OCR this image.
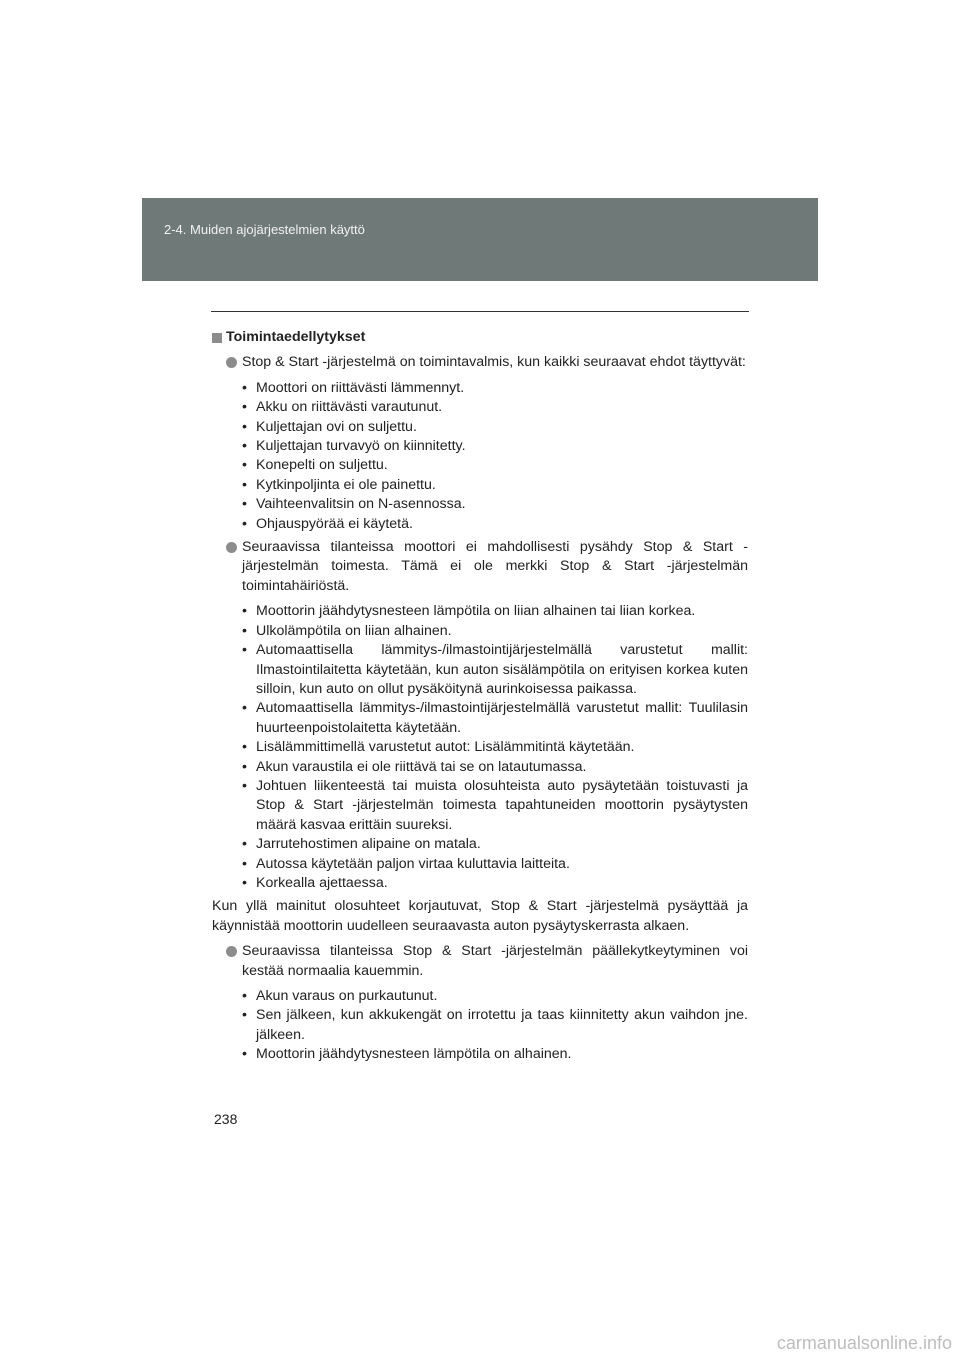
2-4. Muiden ajojärjestelmien käyttö
Toimintaedellytykset
Stop & Start -järjestelmä on toimintavalmis, kun kaikki seuraavat ehdot täyttyvät:
• Moottori on riittävästi lämmennyt.
• Akku on riittävästi varautunut.
• Kuljettajan ovi on suljettu.
• Kuljettajan turvavyö on kiinnitetty.
• Konepelti on suljettu.
• Kytkinpoljinta ei ole painettu.
• Vaihteenvalitsin on N-asennossa.
• Ohjauspyörää ei käytetä.
Seuraavissa tilanteissa moottori ei mahdollisesti pysähdy Stop & Start -järjestelmän toimesta. Tämä ei ole merkki Stop & Start -järjestelmän toimintahäiriöstä.
• Moottorin jäähdytysnesteen lämpötila on liian alhainen tai liian korkea.
• Ulkolämpötila on liian alhainen.
• Automaattisella lämmitys-/ilmastointijärjestelmällä varustetut mallit: Ilmastointilaitetta käytetään, kun auton sisälämpötila on erityisen korkea kuten silloin, kun auto on ollut pysäköitynä aurinkoisessa paikassa.
• Automaattisella lämmitys-/ilmastointijärjestelmällä varustetut mallit: Tuulilasin huurteenpoistolaitetta käytetään.
• Lisälämmittimellä varustetut autot: Lisälämmitintä käytetään.
• Akun varaustila ei ole riittävä tai se on latautumassa.
• Johtuen liikenteestä tai muista olosuhteista auto pysäytetään toistuvasti ja Stop & Start -järjestelmän toimesta tapahtuneiden moottorin pysäytysten määrä kasvaa erittäin suureksi.
• Jarrutehostimen alipaine on matala.
• Autossa käytetään paljon virtaa kuluttavia laitteita.
• Korkealla ajettaessa.

Kun yllä mainitut olosuhteet korjautuvat, Stop & Start -järjestelmä pysäyttää ja käynnistää moottorin uudelleen seuraavasta auton pysäytyskerrasta alkaen.

Seuraavissa tilanteissa Stop & Start -järjestelmän päällekytkeytyminen voi kestää normaalia kauemmin.
• Akun varaus on purkautunut.
• Sen jälkeen, kun akkukengät on irrotettu ja taas kiinnitetty akun vaihdon jne. jälkeen.
• Moottorin jäähdytysnesteen lämpötila on alhainen.
238
carmanualsonline.info
